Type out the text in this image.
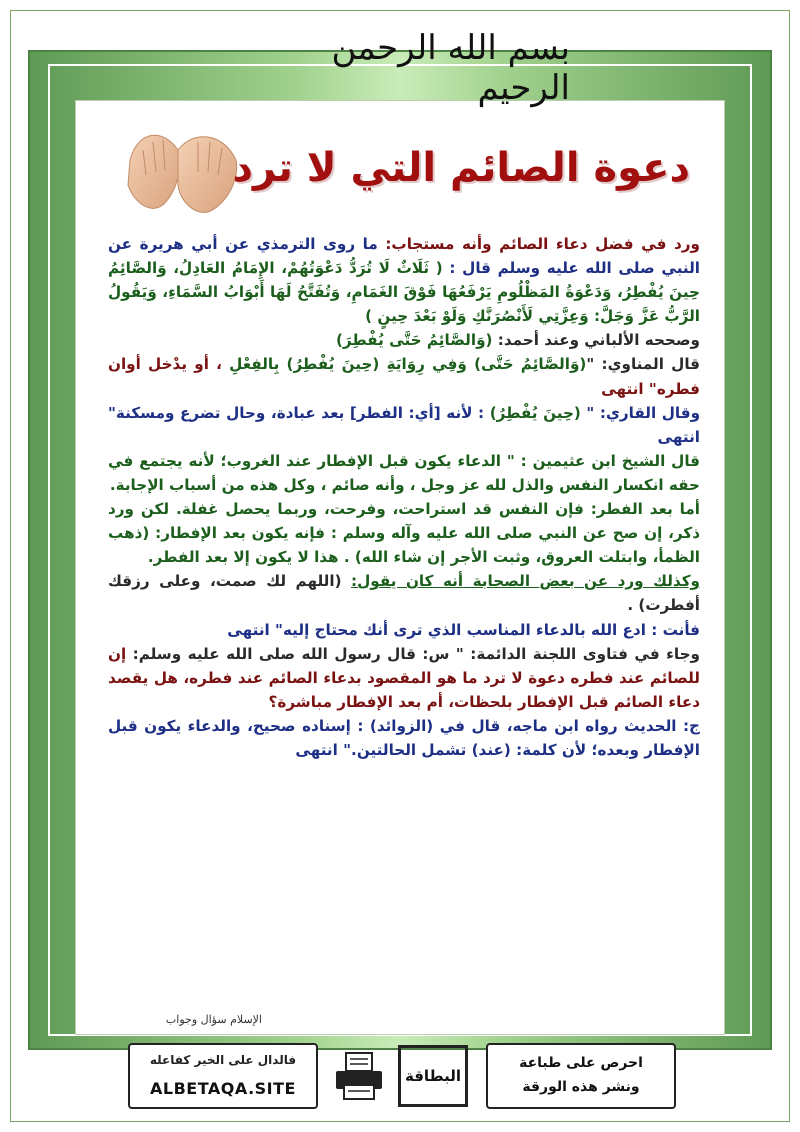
بسم الله الرحمن الرحيم
دعوة الصائم التي لا ترد

ورد في فضل دعاء الصائم وأنه مستجاب: ما روى الترمذي عن أبي هريرة عن النبي صلى الله عليه وسلم قال : ( ثَلَاثٌ لَا تُرَدُّ دَعْوَتُهُمْ، الإِمَامُ العَادِلُ، وَالصَّائِمُ حِينَ يُفْطِرُ، وَدَعْوَةُ المَظْلُومِ يَرْفَعُهَا فَوْقَ الغَمَامِ، وَتُفَتَّحُ لَهَا أَبْوَابُ السَّمَاءِ، وَيَقُولُ الرَّبُّ عَزَّ وَجَلَّ: وَعِزَّتِي لَأَنْصُرَنَّكِ وَلَوْ بَعْدَ حِينٍ )

وصححه الألباني وعند أحمد: (وَالصَّائِمُ حَتَّى يُفْطِرَ)

قال المناوي: "(وَالصَّائِمُ حَتَّى) وَفِي رِوَايَةِ (حِينَ يُفْطِرُ) بِالفِعْلِ ، أو يدْخل أوان فطره" انتهى

وقال القاري: " (حِينَ يُفْطِرُ) : لأنه [أي: الفطر] بعد عبادة، وحال تضرع ومسكنة" انتهى

قال الشيخ ابن عثيمين : " الدعاء يكون قبل الإفطار عند الغروب؛ لأنه يجتمع في حقه انكسار النفس والذل لله عز وجل ، وأنه صائم ، وكل هذه من أسباب الإجابة.

أما بعد الفطر: فإن النفس قد استراحت، وفرحت، وربما يحصل غفلة. لكن ورد ذكر، إن صح عن النبي صلى الله عليه وآله وسلم : فإنه يكون بعد الإفطار: (ذهب الظمأ، وابتلت العروق، وثبت الأجر إن شاء الله) . هذا لا يكون إلا بعد الفطر.

وكذلك ورد عن بعض الصحابة أنه كان يقول: (اللهم لك صمت، وعلى رزقك أفطرت) .

فأنت : ادع الله بالدعاء المناسب الذي ترى أنك محتاج إليه" انتهى

وجاء في فتاوى اللجنة الدائمة: " س: قال رسول الله صلى الله عليه وسلم: إن للصائم عند فطره دعوة لا ترد ما هو المقصود بدعاء الصائم عند فطره، هل يقصد دعاء الصائم قبل الإفطار بلحظات، أم بعد الإفطار مباشرة؟

ج: الحديث رواه ابن ماجه، قال في (الزوائد) : إسناده صحيح، والدعاء يكون قبل الإفطار وبعده؛ لأن كلمة: (عند) تشمل الحالتين." انتهى

الإسلام سؤال وجواب
فالدال على الخير كفاعله
ALBETAQA.SITE
البطاقة
احرص على طباعة
ونشر هذه الورقة
